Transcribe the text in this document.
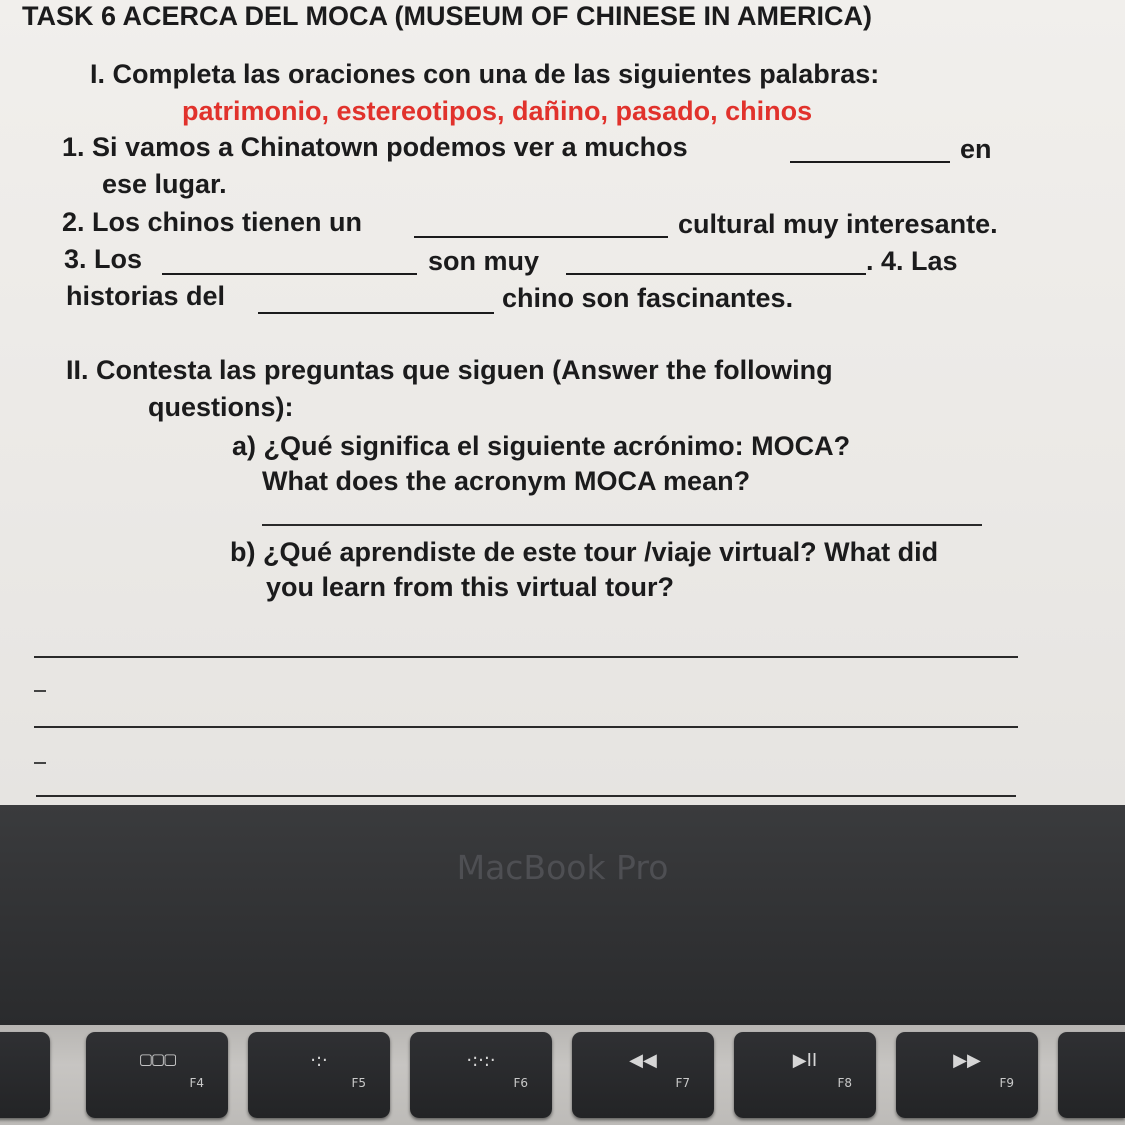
TASK 6 ACERCA DEL MOCA (MUSEUM OF CHINESE IN AMERICA)
I. Completa las oraciones con una de las siguientes palabras:
patrimonio, estereotipos, dañino, pasado, chinos
1. Si vamos a Chinatown podemos ver a muchos	en
ese lugar.
2. Los chinos tienen un	cultural muy interesante.
3. Los	son muy	. 4. Las
historias del	chino son fascinantes.
II. Contesta las preguntas que siguen (Answer the following
questions):
a) ¿Qué significa el siguiente acrónimo: MOCA?
What does the acronym MOCA mean?
b) ¿Qué aprendiste de este tour /viaje virtual? What did
you learn from this virtual tour?
MacBook Pro
▢▢▢
F4
·:·
F5
·:·:·
F6
◀◀
F7
▶II
F8
▶▶
F9
